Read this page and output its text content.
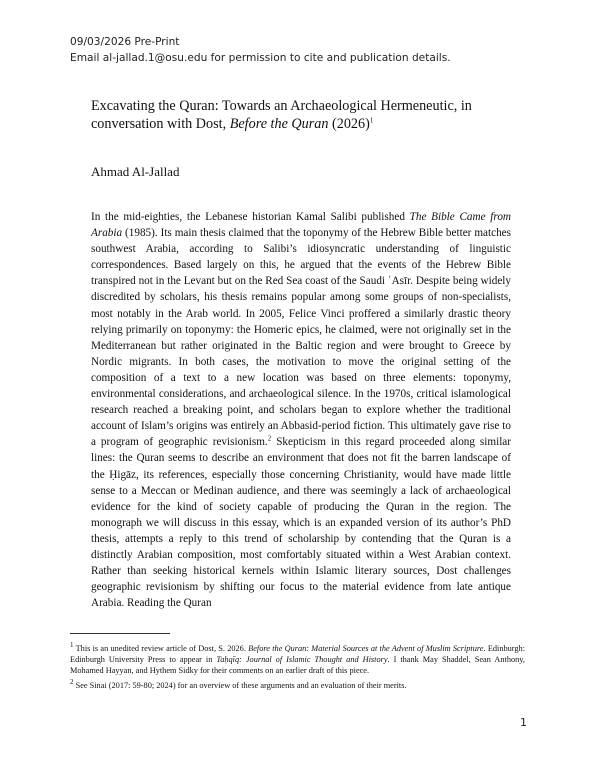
09/03/2026 Pre-Print
Email al-jallad.1@osu.edu for permission to cite and publication details.
Excavating the Quran: Towards an Archaeological Hermeneutic, in conversation with Dost, Before the Quran $(2026)^1$
Ahmad Al-Jallad

In the mid-eighties, the Lebanese historian Kamal Salibi published The Bible Came from Arabia (1985). Its main thesis claimed that the toponymy of the Hebrew Bible better matches southwest Arabia, according to Salibi’s idiosyncratic understanding of linguistic correspondences. Based largely on this, he argued that the events of the Hebrew Bible transpired not in the Levant but on the Red Sea coast of the Saudi ʿAsīr. Despite being widely discredited by scholars, his thesis remains popular among some groups of non-specialists, most notably in the Arab world. In 2005, Felice Vinci proffered a similarly drastic theory relying primarily on toponymy: the Homeric epics, he claimed, were not originally set in the Mediterranean but rather originated in the Baltic region and were brought to Greece by Nordic migrants. In both cases, the motivation to move the original setting of the composition of a text to a new location was based on three elements: toponymy, environmental considerations, and archaeological silence. In the 1970s, critical islamological research reached a breaking point, and scholars began to explore whether the traditional account of Islam’s origins was entirely an Abbasid-period fiction. This ultimately gave rise to a program of geographic revisionism.$^2$ Skepticism in this regard proceeded along similar lines: the Quran seems to describe an environment that does not fit the barren landscape of the Ḥigāz, its references, especially those concerning Christianity, would have made little sense to a Meccan or Medinan audience, and there was seemingly a lack of archaeological evidence for the kind of society capable of producing the Quran in the region. The monograph we will discuss in this essay, which is an expanded version of its author’s PhD thesis, attempts a reply to this trend of scholarship by contending that the Quran is a distinctly Arabian composition, most comfortably situated within a West Arabian context. Rather than seeking historical kernels within Islamic literary sources, Dost challenges geographic revisionism by shifting our focus to the material evidence from late antique Arabia. Reading the Quran

$^1$ This is an unedited review article of Dost, S. 2026. Before the Quran: Material Sources at the Advent of Muslim Scripture. Edinburgh: Edinburgh University Press to appear in Taḥqīq: Journal of Islamic Thought and History. I thank May Shaddel, Sean Anthony, Mohamed Hayyan, and Hythem Sidky for their comments on an earlier draft of this piece.

$^2$ See Sinai (2017: 59-80; 2024) for an overview of these arguments and an evaluation of their merits.

1
